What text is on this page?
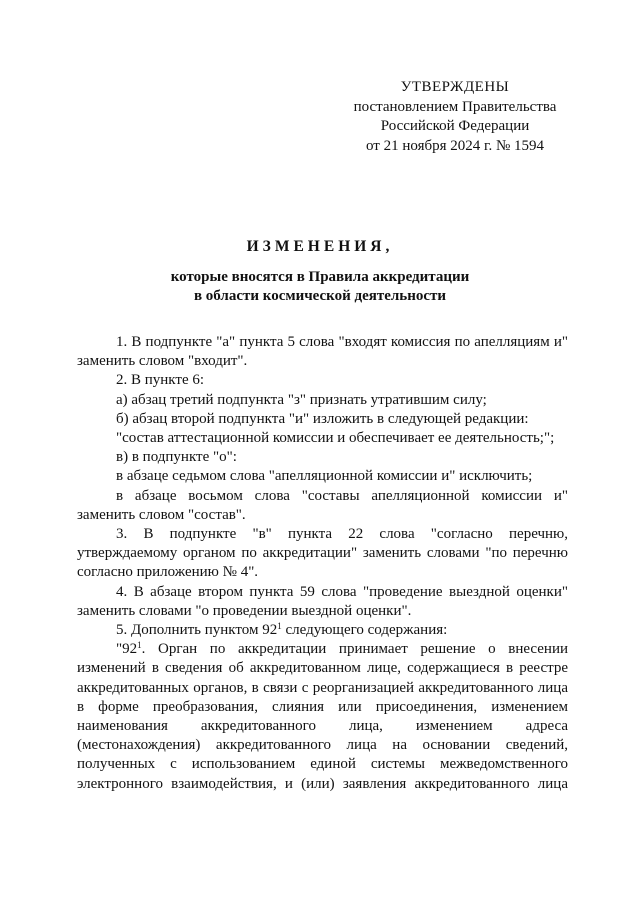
УТВЕРЖДЕНЫ
постановлением Правительства
Российской Федерации
от 21 ноября 2024 г. № 1594
ИЗМЕНЕНИЯ,
которые вносятся в Правила аккредитации
в области космической деятельности

1. В подпункте "а" пункта 5 слова "входят комиссия по апелляциям и" заменить словом "входит".

2. В пункте 6:

а) абзац третий подпункта "з" признать утратившим силу;

б) абзац второй подпункта "и" изложить в следующей редакции:

"состав аттестационной комиссии и обеспечивает ее деятельность;";

в) в подпункте "о":

в абзаце седьмом слова "апелляционной комиссии и" исключить;

в абзаце восьмом слова "составы апелляционной комиссии и" заменить словом "состав".

3. В подпункте "в" пункта 22 слова "согласно перечню, утверждаемому органом по аккредитации" заменить словами "по перечню согласно приложению № 4".

4. В абзаце втором пункта 59 слова "проведение выездной оценки" заменить словами "о проведении выездной оценки".

5. Дополнить пунктом $92^1$ следующего содержания:

"$92^1$. Орган по аккредитации принимает решение о внесении изменений в сведения об аккредитованном лице, содержащиеся в реестре аккредитованных органов, в связи с реорганизацией аккредитованного лица в форме преобразования, слияния или присоединения, изменением наименования аккредитованного лица, изменением адреса (местонахождения) аккредитованного лица на основании сведений, полученных с использованием единой системы межведомственного электронного взаимодействия, и (или) заявления аккредитованного лица
